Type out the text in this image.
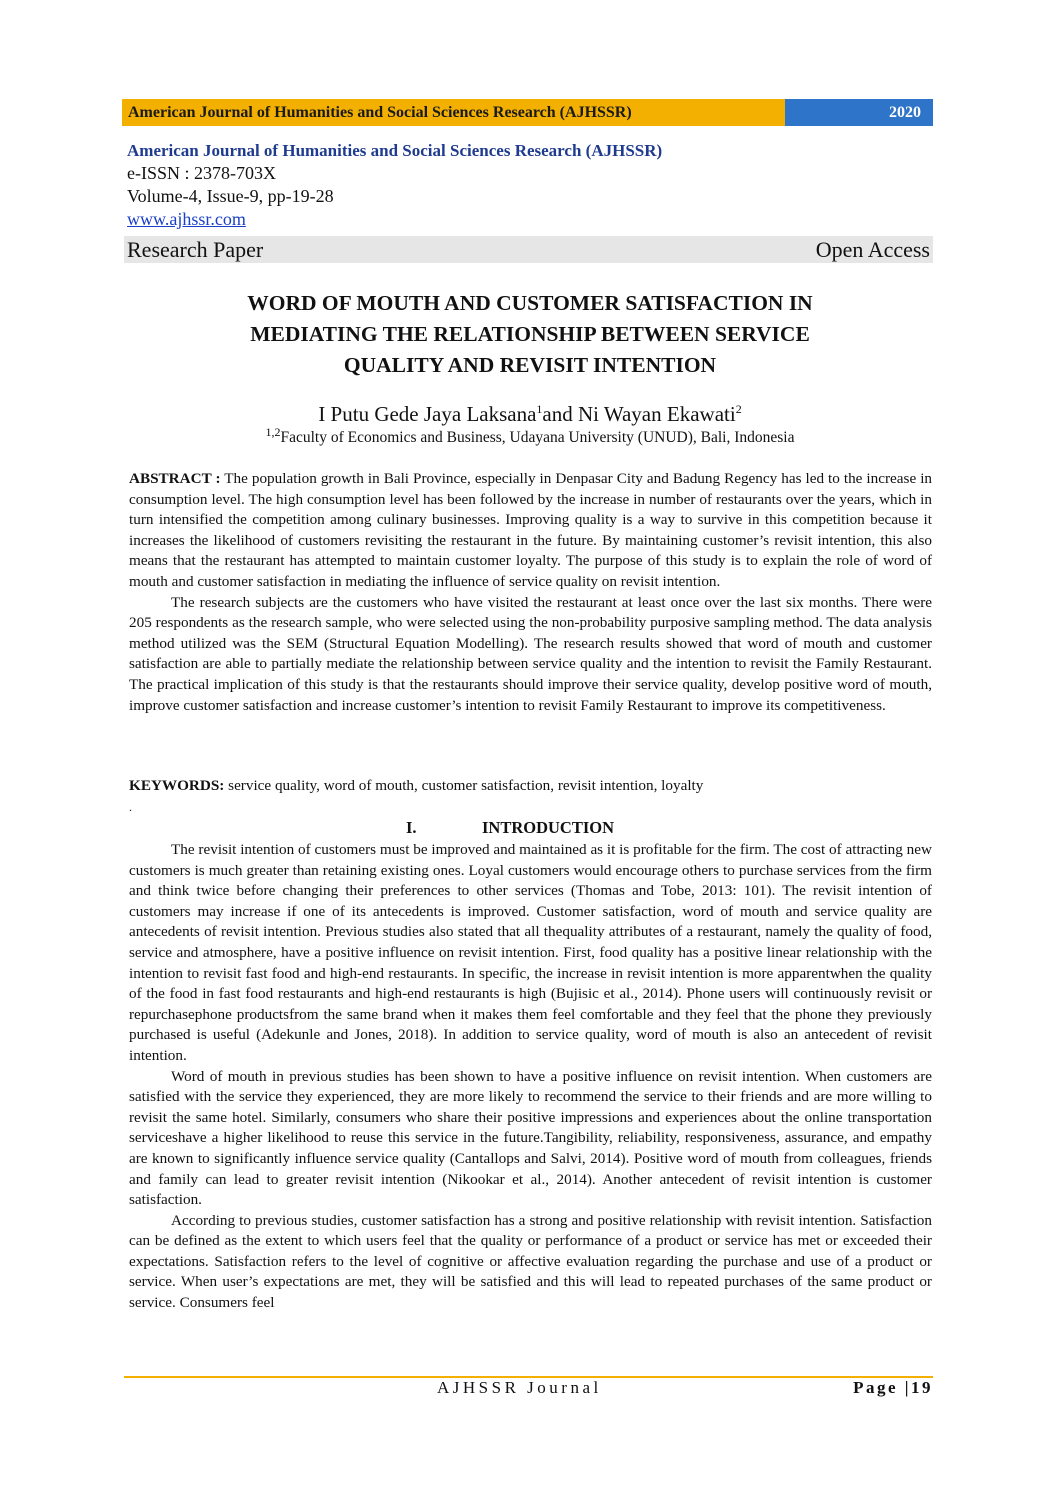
American Journal of Humanities and Social Sciences Research (AJHSSR)	2020
American Journal of Humanities and Social Sciences Research (AJHSSR)
e-ISSN : 2378-703X
Volume-4, Issue-9, pp-19-28
www.ajhssr.com
Research Paper	Open Access
WORD OF MOUTH AND CUSTOMER SATISFACTION IN
MEDIATING THE RELATIONSHIP BETWEEN SERVICE
QUALITY AND REVISIT INTENTION
I Putu Gede Jaya Laksana$^1$and Ni Wayan Ekawati$^2$
$^{1,2}$Faculty of Economics and Business, Udayana University (UNUD), Bali, Indonesia

ABSTRACT : The population growth in Bali Province, especially in Denpasar City and Badung Regency has led to the increase in consumption level. The high consumption level has been followed by the increase in number of restaurants over the years, which in turn intensified the competition among culinary businesses. Improving quality is a way to survive in this competition because it increases the likelihood of customers revisiting the restaurant in the future. By maintaining customer’s revisit intention, this also means that the restaurant has attempted to maintain customer loyalty. The purpose of this study is to explain the role of word of mouth and customer satisfaction in mediating the influence of service quality on revisit intention.

The research subjects are the customers who have visited the restaurant at least once over the last six months. There were 205 respondents as the research sample, who were selected using the non-probability purposive sampling method. The data analysis method utilized was the SEM (Structural Equation Modelling). The research results showed that word of mouth and customer satisfaction are able to partially mediate the relationship between service quality and the intention to revisit the Family Restaurant. The practical implication of this study is that the restaurants should improve their service quality, develop positive word of mouth, improve customer satisfaction and increase customer’s intention to revisit Family Restaurant to improve its competitiveness.

KEYWORDS: service quality, word of mouth, customer satisfaction, revisit intention, loyalty

.
I.	INTRODUCTION

The revisit intention of customers must be improved and maintained as it is profitable for the firm. The cost of attracting new customers is much greater than retaining existing ones. Loyal customers would encourage others to purchase services from the firm and think twice before changing their preferences to other services (Thomas and Tobe, 2013: 101). The revisit intention of customers may increase if one of its antecedents is improved. Customer satisfaction, word of mouth and service quality are antecedents of revisit intention. Previous studies also stated that all thequality attributes of a restaurant, namely the quality of food, service and atmosphere, have a positive influence on revisit intention. First, food quality has a positive linear relationship with the intention to revisit fast food and high-end restaurants. In specific, the increase in revisit intention is more apparentwhen the quality of the food in fast food restaurants and high-end restaurants is high (Bujisic et al., 2014). Phone users will continuously revisit or repurchasephone productsfrom the same brand when it makes them feel comfortable and they feel that the phone they previously purchased is useful (Adekunle and Jones, 2018). In addition to service quality, word of mouth is also an antecedent of revisit intention.

Word of mouth in previous studies has been shown to have a positive influence on revisit intention. When customers are satisfied with the service they experienced, they are more likely to recommend the service to their friends and are more willing to revisit the same hotel. Similarly, consumers who share their positive impressions and experiences about the online transportation serviceshave a higher likelihood to reuse this service in the future.Tangibility, reliability, responsiveness, assurance, and empathy are known to significantly influence service quality (Cantallops and Salvi, 2014). Positive word of mouth from colleagues, friends and family can lead to greater revisit intention (Nikookar et al., 2014). Another antecedent of revisit intention is customer satisfaction.

According to previous studies, customer satisfaction has a strong and positive relationship with revisit intention. Satisfaction can be defined as the extent to which users feel that the quality or performance of a product or service has met or exceeded their expectations. Satisfaction refers to the level of cognitive or affective evaluation regarding the purchase and use of a product or service. When user’s expectations are met, they will be satisfied and this will lead to repeated purchases of the same product or service. Consumers feel

AJHSSR Journal	Page |19
